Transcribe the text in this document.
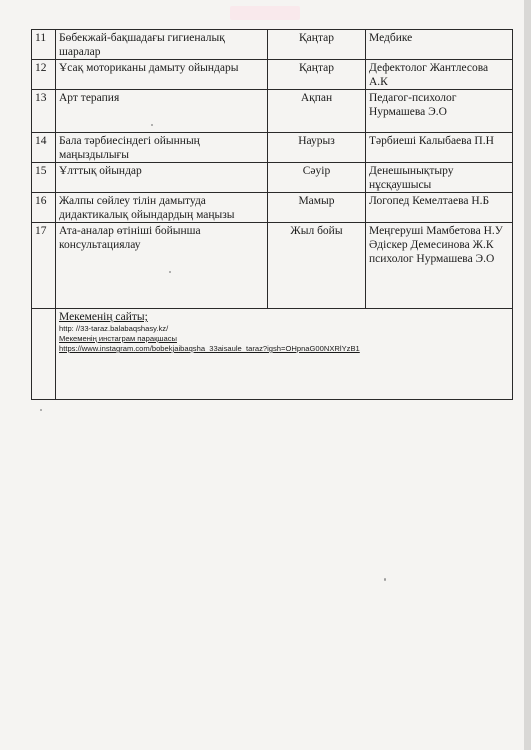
11	Бөбекжай-бақшадағы гигиеналық шаралар	Қаңтар	Медбике
12	Ұсақ моториканы дамыту ойындары	Қаңтар	Дефектолог Жантлесова А.К
13	Арт терапия	Ақпан	Педагог-психолог Нурмашева Э.О
14	Бала тәрбиесіндегі ойынның маңыздылығы	Наурыз	Тәрбиеші Калыбаева П.Н
15	Ұлттық ойындар	Сәуір	Денешынықтыру нұсқаушысы
16	Жалпы сөйлеу тілін дамытуда дидактикалық ойындардың маңызы	Мамыр	Логопед Кемелтаева Н.Б
17	Ата-аналар өтініші бойынша консультациялау	Жыл бойы	Меңгеруші Мамбетова Н.У Әдіскер Демесинова Ж.К психолог Нурмашева Э.О

	Мекеменің сайты;
http: //33-taraz.balabaqshasy.kz/
Мекеменің инстаграм парақшасы
https://www.instagram.com/bobekjaibaqsha_33aisaule_taraz?igsh=OHpnaG00NXRlYzB1		
